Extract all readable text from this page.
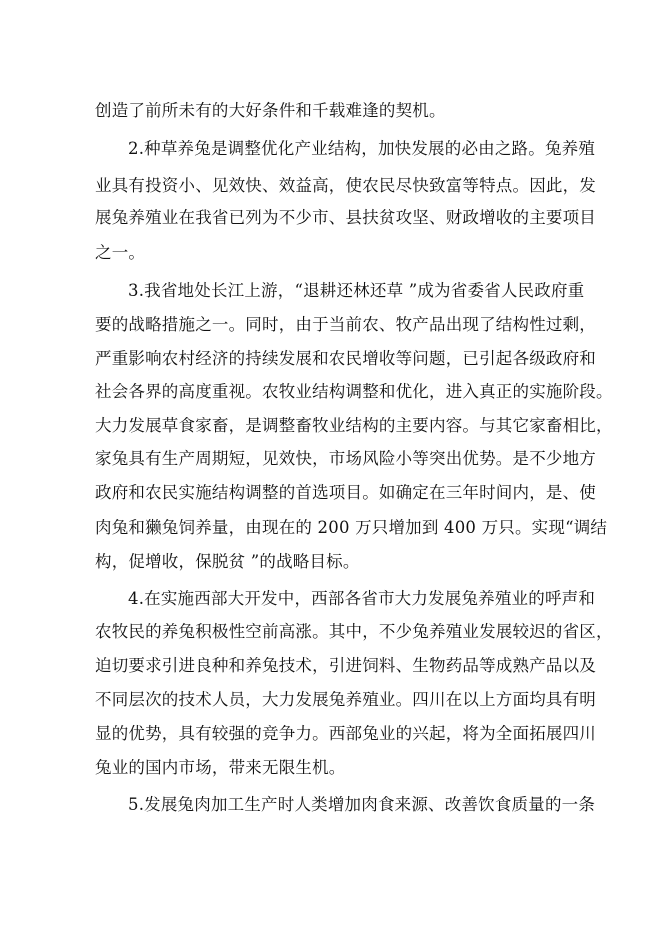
创造了前所未有的大好条件和千载难逢的契机。
2.种草养兔是调整优化产业结构，加快发展的必由之路。兔养殖
业具有投资小、见效快、效益高，使农民尽快致富等特点。因此，发
展兔养殖业在我省已列为不少市、县扶贫攻坚、财政增收的主要项目
之一。
3.我省地处长江上游，“退耕还林还草 ”成为省委省人民政府重
要的战略措施之一。同时，由于当前农、牧产品出现了结构性过剩，
严重影响农村经济的持续发展和农民增收等问题，已引起各级政府和
社会各界的高度重视。农牧业结构调整和优化，进入真正的实施阶段。
大力发展草食家畜，是调整畜牧业结构的主要内容。与其它家畜相比，
家兔具有生产周期短，见效快，市场风险小等突出优势。是不少地方
政府和农民实施结构调整的首选项目。如确定在三年时间内，是、使
肉兔和獭兔饲养量，由现在的 200 万只增加到 400 万只。实现“调结
构，促增收，保脱贫 ”的战略目标。
4.在实施西部大开发中，西部各省市大力发展兔养殖业的呼声和
农牧民的养兔积极性空前高涨。其中，不少兔养殖业发展较迟的省区，
迫切要求引进良种和养兔技术，引进饲料、生物药品等成熟产品以及
不同层次的技术人员，大力发展兔养殖业。四川在以上方面均具有明
显的优势，具有较强的竞争力。西部兔业的兴起，将为全面拓展四川
兔业的国内市场，带来无限生机。
5.发展兔肉加工生产时人类增加肉食来源、改善饮食质量的一条
